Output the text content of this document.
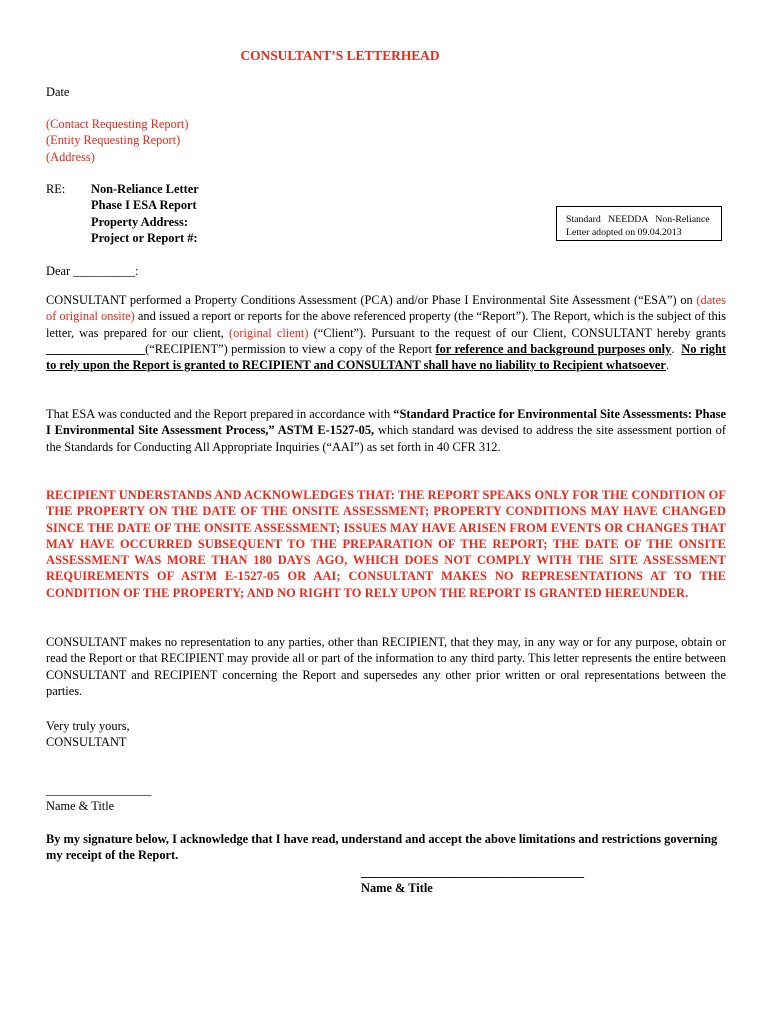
CONSULTANT’S LETTERHEAD
Date
(Contact Requesting Report)
(Entity Requesting Report)
(Address)
RE: Non-Reliance Letter
Phase I ESA Report
Property Address:
Project or Report #:
Standard   NEEDDA   Non-Reliance
Letter adopted on 09.04.2013
Dear __________:
CONSULTANT performed a Property Conditions Assessment (PCA) and/or Phase I Environmental Site Assessment (“ESA”) on (dates of original onsite) and issued a report or reports for the above referenced property (the “Report”). The Report, which is the subject of this letter, was prepared for our client, (original client) (“Client”). Pursuant to the request of our Client, CONSULTANT hereby grants ________________(“RECIPIENT”) permission to view a copy of the Report for reference and background purposes only.  No right to rely upon the Report is granted to RECIPIENT and CONSULTANT shall have no liability to Recipient whatsoever.
That ESA was conducted and the Report prepared in accordance with “Standard Practice for Environmental Site Assessments: Phase I Environmental Site Assessment Process,” ASTM E-1527-05, which standard was devised to address the site assessment portion of the Standards for Conducting All Appropriate Inquiries (“AAI”) as set forth in 40 CFR 312.
RECIPIENT UNDERSTANDS AND ACKNOWLEDGES THAT: THE REPORT SPEAKS ONLY FOR THE CONDITION OF THE PROPERTY ON THE DATE OF THE ONSITE ASSESSMENT; PROPERTY CONDITIONS MAY HAVE CHANGED SINCE THE DATE OF THE ONSITE ASSESSMENT; ISSUES MAY HAVE ARISEN FROM EVENTS OR CHANGES THAT MAY HAVE OCCURRED SUBSEQUENT TO THE PREPARATION OF THE REPORT; THE DATE OF THE ONSITE ASSESSMENT WAS MORE THAN 180 DAYS AGO, WHICH DOES NOT COMPLY WITH THE SITE ASSESSMENT REQUIREMENTS OF ASTM E-1527-05 OR AAI; CONSULTANT MAKES NO REPRESENTATIONS AT TO THE CONDITION OF THE PROPERTY; AND NO RIGHT TO RELY UPON THE REPORT IS GRANTED HEREUNDER.
CONSULTANT makes no representation to any parties, other than RECIPIENT, that they may, in any way or for any purpose, obtain or read the Report or that RECIPIENT may provide all or part of the information to any third party. This letter represents the entire between CONSULTANT and RECIPIENT concerning the Report and supersedes any other prior written or oral representations between the parties.
Very truly yours,
CONSULTANT
_________________
Name & Title
By my signature below, I acknowledge that I have read, understand and accept the above limitations and restrictions governing my receipt of the Report.
____________________________________
Name & Title
